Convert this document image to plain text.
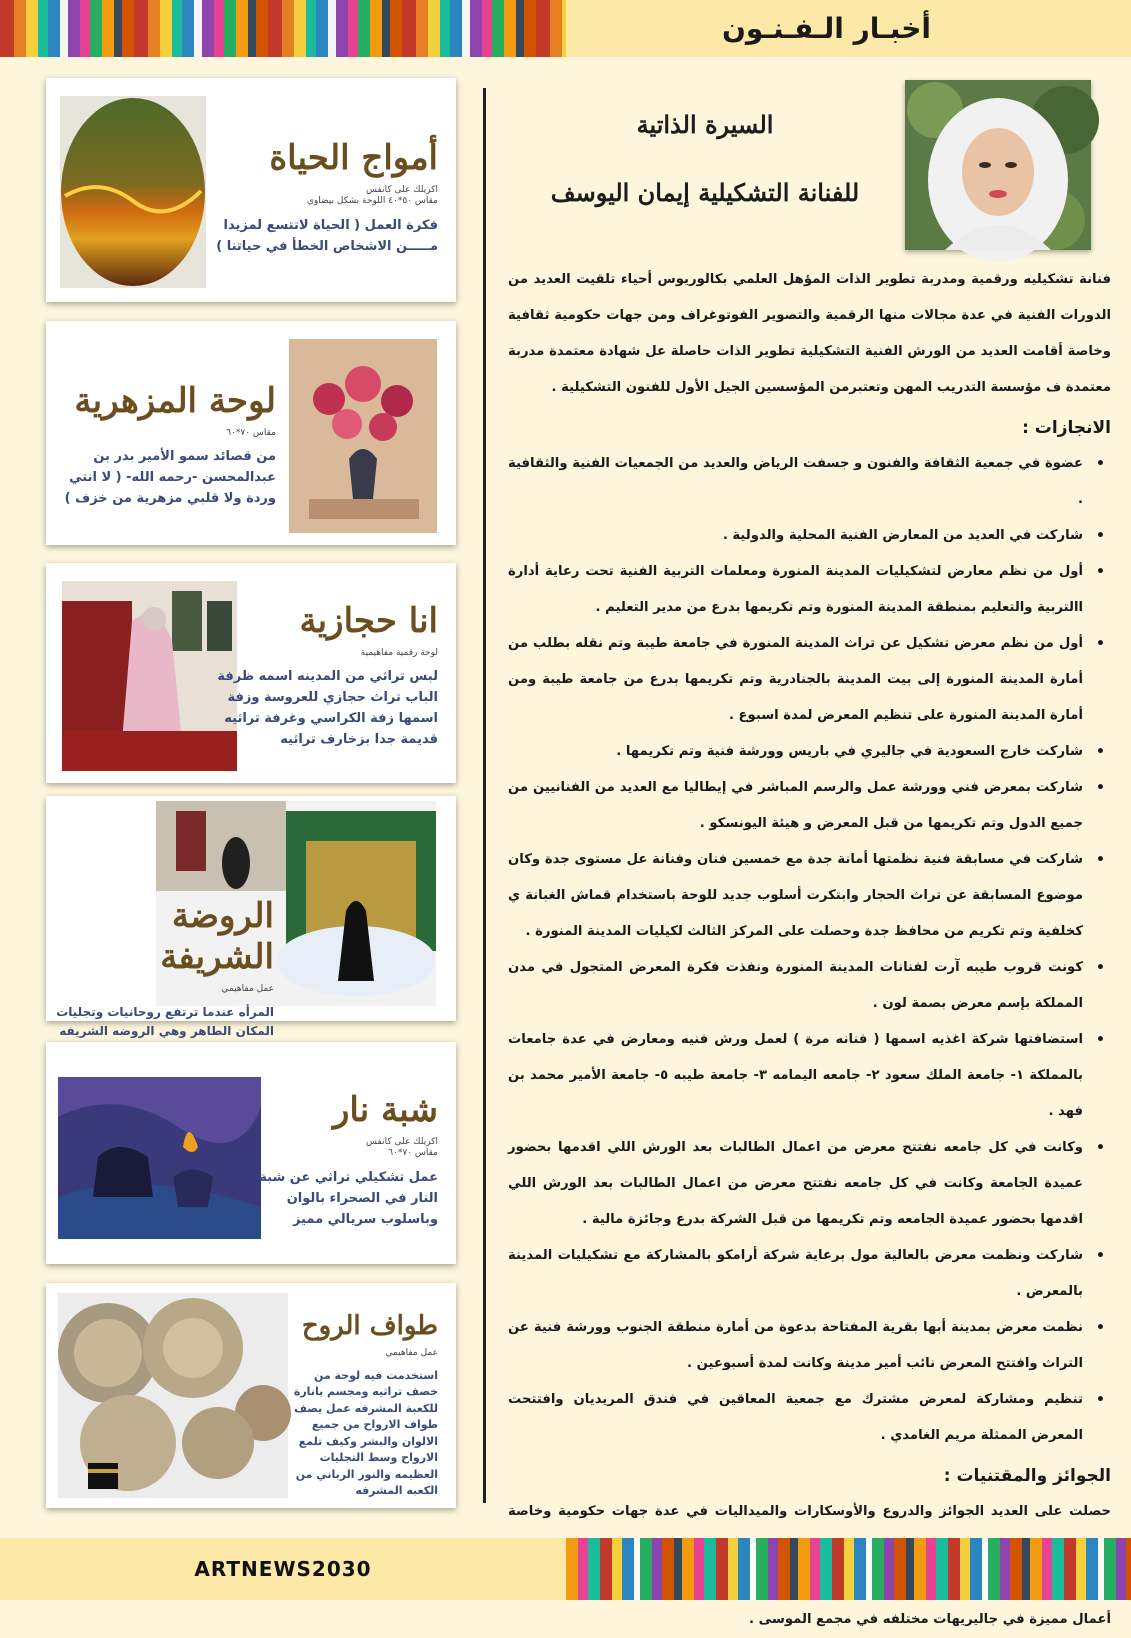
أخبـار الـفـنـون
السيرة الذاتية
للفنانة التشكيلية إيمان اليوسف

فنانة تشكيليه ورقمية ومدربة تطوير الذات المؤهل العلمي بكالوريوس أحياء تلقيت العديد من الدورات الفنية في عدة مجالات منها الرقمية والتصوير الفوتوغراف ومن جهات حكومية ثقافية وخاصة أقامت العديد من الورش الفنية التشكيلية تطوير الذات حاصلة عل شهادة معتمدة مدربة معتمدة ف مؤسسة التدريب المهن وتعتبرمن المؤسسين الجيل الأول للفنون التشكيلية .

الانجازات :
• عضوة في جمعية الثقافة والفنون و جسفت الرياض والعديد من الجمعيات الفنية والثقافية .
• شاركت في العديد من المعارض الفنية المحلية والدولية .
• أول من نظم معارض لتشكيليات المدينة المنورة ومعلمات التربية الفنية تحت رعاية أدارة االتربية والتعليم بمنطقة المدينة المنورة وتم تكريمها بدرع من مدير التعليم .
• أول من نظم معرض تشكيل عن تراث المدينة المنورة في جامعة طيبة وتم نقله بطلب من أمارة المدينة المنورة إلى بيت المدينة بالجنادرية وتم تكريمها بدرع من جامعة طيبة ومن أمارة المدينة المنورة على تنظيم المعرض لمدة اسبوع .
• شاركت خارج السعودية في جاليري في باريس وورشة فنية وتم تكريمها .
• شاركت بمعرض فني وورشة عمل والرسم المباشر في إيطاليا مع العديد من الفنانيين من جميع الدول وتم تكريمها من قبل المعرض و هيئة اليونسكو .
• شاركت في مسابقة فنية نظمتها أمانة جدة مع خمسين فنان وفنانة عل مستوى جدة وكان موضوع المسابقة عن تراث الحجار وابتكرت أسلوب جديد للوحة باستخدام قماش الغبانة ي كخلفية وتم تكريم من محافظ جدة وحصلت على المركز الثالث لكيليات المدينة المنورة .
• كونت قروب طيبه آرت لفنانات المدينة المنورة ونفذت فكرة المعرض المتجول في مدن المملكة بإسم معرض بصمة لون .
• استضافتها شركة اغذيه اسمها ( فنانه مرة ) لعمل ورش فنيه ومعارض في عدة جامعات بالمملكة ١- جامعة الملك سعود ٢- جامعه اليمامه ٣- جامعة طيبه ٥- جامعة الأمير محمد بن فهد .
• وكانت في كل جامعه نفتتح معرض من اعمال الطالبات بعد الورش اللي اقدمها بحضور عميدة الجامعة وكانت في كل جامعه نفتتح معرض من اعمال الطالبات بعد الورش اللي اقدمها بحضور عميدة الجامعه وتم تكريمها من قبل الشركة بدرع وجائزة مالية .
• شاركت ونظمت معرض بالعالية مول برعاية شركة أرامكو بالمشاركة مع تشكيليات المدينة بالمعرض .
• نظمت معرض بمدينة أبها بقرية المفتاحة بدعوة من أمارة منطقة الجنوب وورشة فنية عن التراث وافتتح المعرض نائب أمير مدينة وكانت لمدة أسبوعين .
• تنظيم ومشاركة لمعرض مشترك مع جمعية المعاقين في فندق المريديان وافتتحت المعرض الممثلة مريم الغامدي .
الجوائز والمقتنيات :

حصلت على العديد الجوائز والدروع والأوسكارات والميداليات في عدة جهات حكومية وخاصة أعمال مميزة في جاليريهات مختلفه في مجمع الموسى .

أمواج الحياة
اكريلك على كانفس
مقاس ٥٠*٤٠ اللوحة بشكل بيضاوي
فكرة العمل ( الحياة لاتتسع لمزيدا مـــــن الاشخاص الخطأ في حياتنا )
لوحة المزهرية
مقاس ٧٠*٦٠
من قصائد سمو الأمير بدر بن عبدالمحسن -رحمه الله- ( لا انتي وردة ولا قلبي مزهرية من خزف )
انا حجازية
لوحة رقمية مفاهيمية
لبس تراثي من المدينه اسمه ظرفة الباب تراث حجازي للعروسة وزفة اسمها زفة الكراسي وغرفة تراثيه قديمة جدا بزخارف تراثيه
الروضة الشريفة
عمل مفاهيمي
المرأه عندما ترتفع روحانيات وتجليات المكان الطاهر وهي الروضه الشريفه
شبة نار
اكريلك على كانفس
مقاس ٧٠*٦٠
عمل تشكيلي تراثي عن شبة النار في الصحراء بالوان وباسلوب سريالي مميز
طواف الروح
عمل مفاهيمي
استخدمت فيه لوحة من خصف تراثيه ومجسم بانارة للكعبة المشرفه عمل يصف طواف الارواح من جميع الالوان والبشر وكيف تلمع الارواح وسط التجليات العظيمه والنور الرباني من الكعبه المشرفه
ARTNEWS2030
